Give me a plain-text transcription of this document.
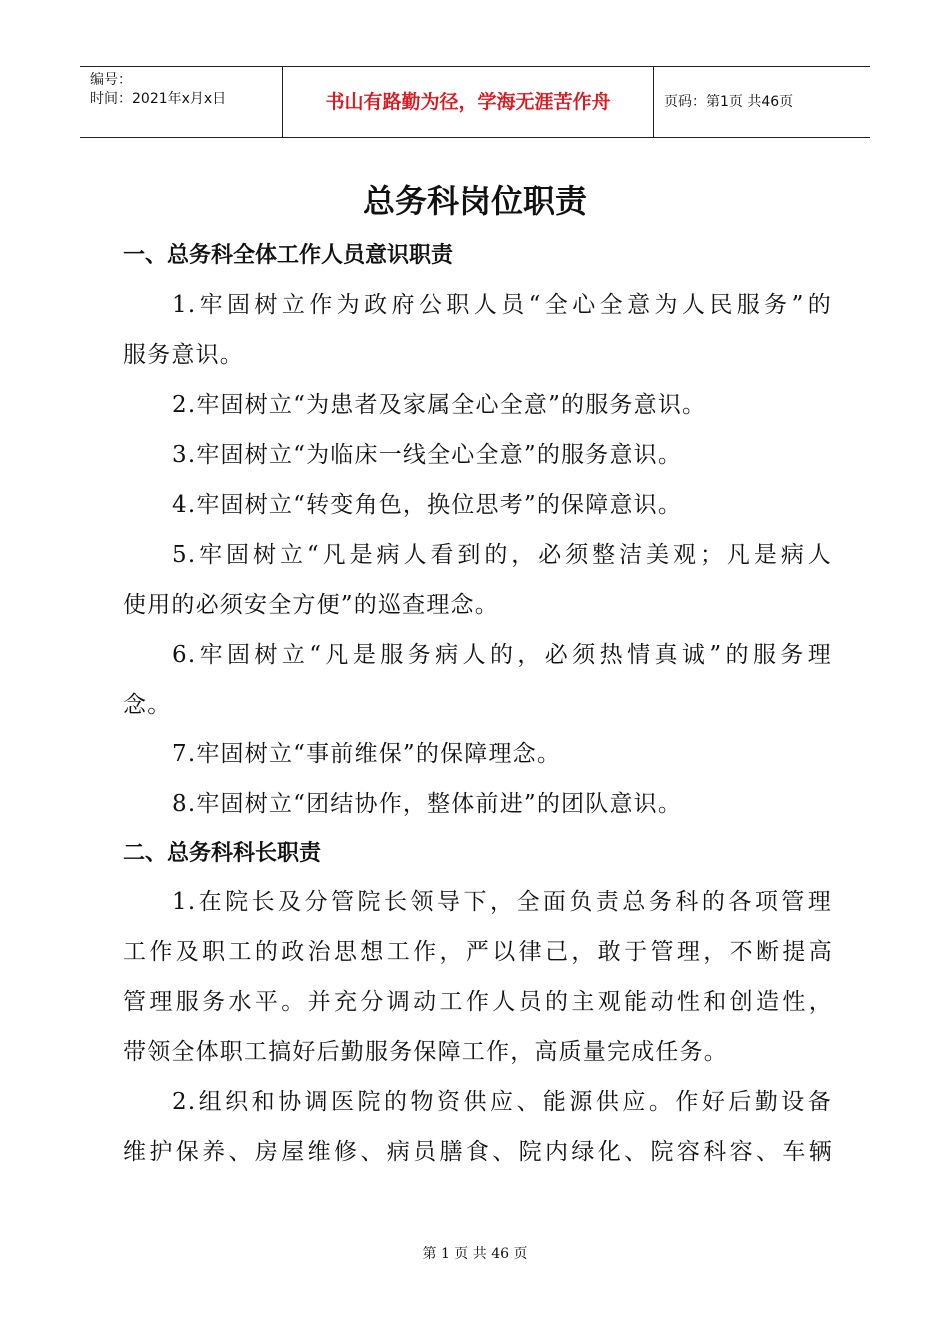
编号：
时间：2021年x月x日	书山有路勤为径，学海无涯苦作舟	页码：第1页 共46页
总务科岗位职责
一、总务科全体工作人员意识职责
1.牢固树立作为政府公职人员“全心全意为人民服务”的
服务意识。
2.牢固树立“为患者及家属全心全意”的服务意识。
3.牢固树立“为临床一线全心全意”的服务意识。
4.牢固树立“转变角色，换位思考”的保障意识。
5.牢固树立“凡是病人看到的，必须整洁美观；凡是病人
使用的必须安全方便”的巡查理念。
6.牢固树立“凡是服务病人的，必须热情真诚”的服务理
念。
7.牢固树立“事前维保”的保障理念。
8.牢固树立“团结协作，整体前进”的团队意识。
二、总务科科长职责
1.在院长及分管院长领导下，全面负责总务科的各项管理
工作及职工的政治思想工作，严以律己，敢于管理，不断提高
管理服务水平。并充分调动工作人员的主观能动性和创造性，
带领全体职工搞好后勤服务保障工作，高质量完成任务。
2.组织和协调医院的物资供应、能源供应。作好后勤设备
维护保养、房屋维修、病员膳食、院内绿化、院容科容、车辆
第 1 页 共 46 页
